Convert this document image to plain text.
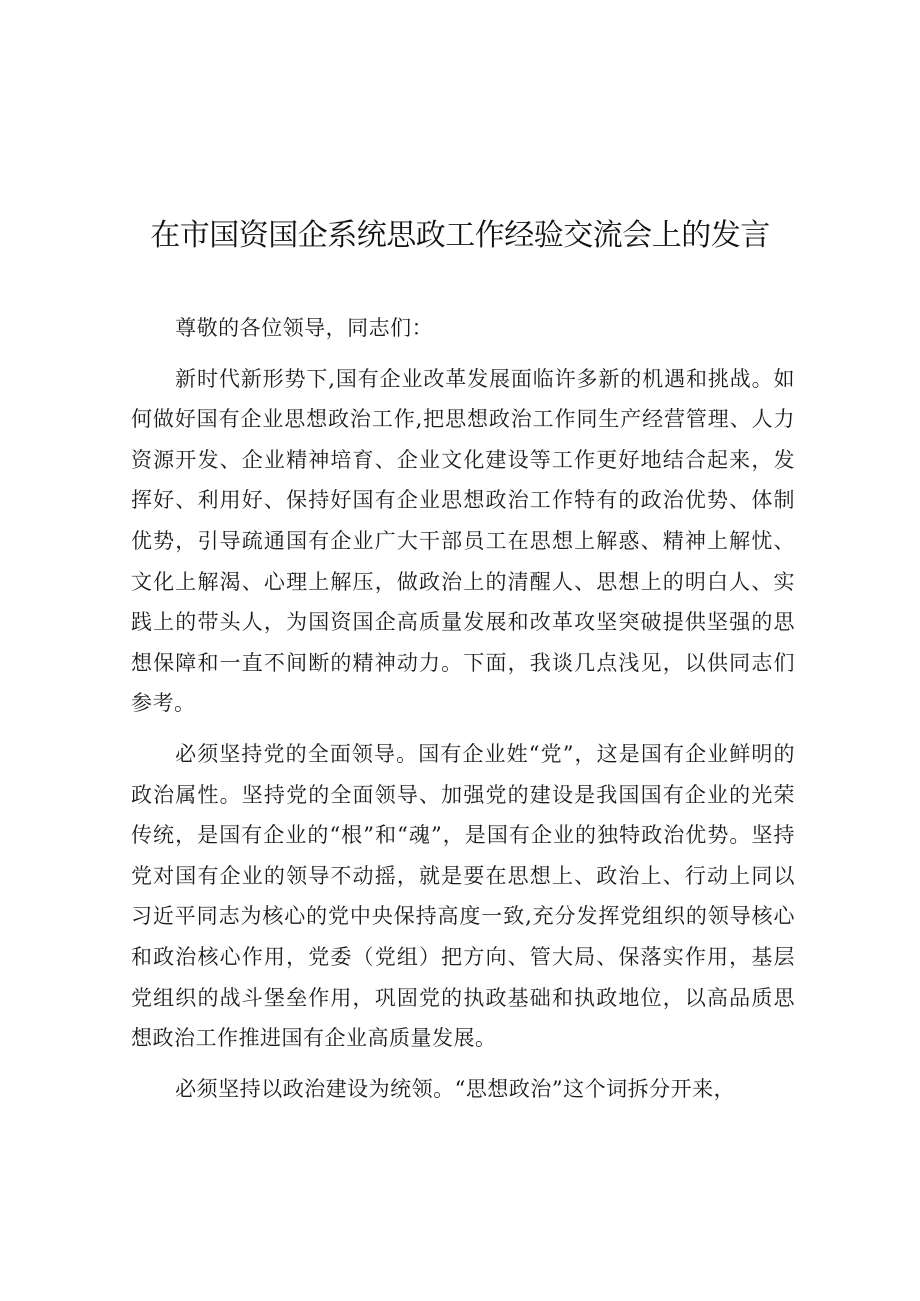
在市国资国企系统思政工作经验交流会上的发言

尊敬的各位领导，同志们：

新时代新形势下,国有企业改革发展面临许多新的机遇和挑战。如何做好国有企业思想政治工作,把思想政治工作同生产经营管理、人力资源开发、企业精神培育、企业文化建设等工作更好地结合起来，发挥好、利用好、保持好国有企业思想政治工作特有的政治优势、体制优势，引导疏通国有企业广大干部员工在思想上解惑、精神上解忧、文化上解渴、心理上解压，做政治上的清醒人、思想上的明白人、实践上的带头人，为国资国企高质量发展和改革攻坚突破提供坚强的思想保障和一直不间断的精神动力。下面，我谈几点浅见，以供同志们参考。

必须坚持党的全面领导。国有企业姓“党”，这是国有企业鲜明的政治属性。坚持党的全面领导、加强党的建设是我国国有企业的光荣传统，是国有企业的“根”和“魂”，是国有企业的独特政治优势。坚持党对国有企业的领导不动摇，就是要在思想上、政治上、行动上同以习近平同志为核心的党中央保持高度一致,充分发挥党组织的领导核心和政治核心作用，党委（党组）把方向、管大局、保落实作用，基层党组织的战斗堡垒作用，巩固党的执政基础和执政地位，以高品质思想政治工作推进国有企业高质量发展。

必须坚持以政治建设为统领。“思想政治”这个词拆分开来，
